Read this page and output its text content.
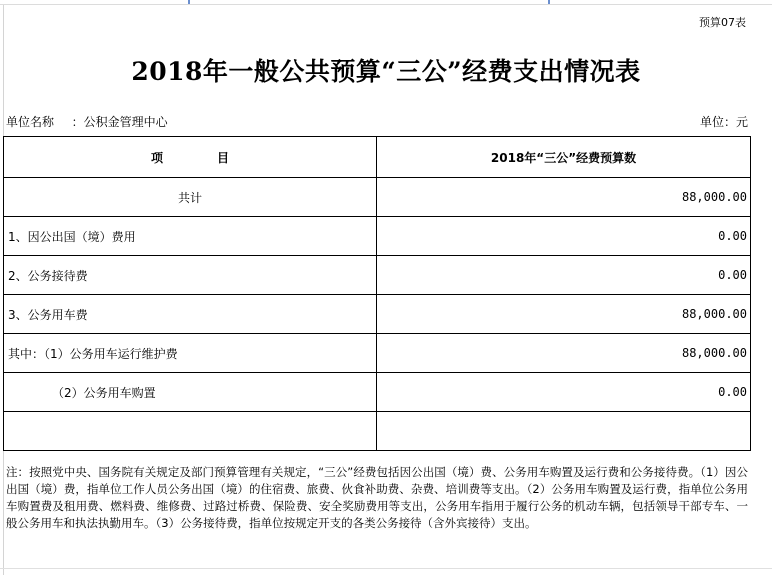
预算07表
2018年一般公共预算“三公”经费支出情况表
单位名称 ：公积金管理中心	单位：元
项 目	2018年“三公”经费预算数
共计	88,000.00
1、因公出国（境）费用	0.00
2、公务接待费	0.00
3、公务用车费	88,000.00
其中：（1）公务用车运行维护费	88,000.00
（2）公务用车购置	0.00

注：按照党中央、国务院有关规定及部门预算管理有关规定，“三公”经费包括因公出国（境）费、公务用车购置及运行费和公务接待费。（1）因公出国（境）费，指单位工作人员公务出国（境）的住宿费、旅费、伙食补助费、杂费、培训费等支出。（2）公务用车购置及运行费，指单位公务用车购置费及租用费、燃料费、维修费、过路过桥费、保险费、安全奖励费用等支出，公务用车指用于履行公务的机动车辆，包括领导干部专车、一般公务用车和执法执勤用车。（3）公务接待费，指单位按规定开支的各类公务接待（含外宾接待）支出。
